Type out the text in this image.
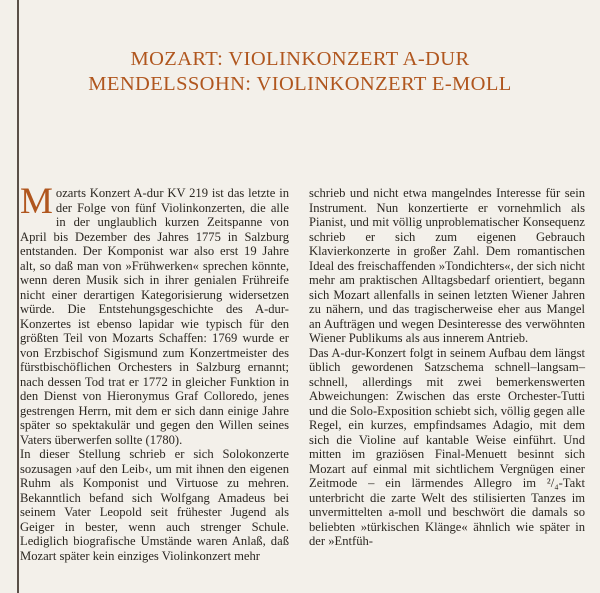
MOZART: VIOLINKONZERT A-DUR
MENDELSSOHN: VIOLINKONZERT E-MOLL

Mozarts Konzert A-dur KV 219 ist das letzte in der Folge von fünf Violinkonzerten, die alle in der unglaublich kurzen Zeitspanne von April bis Dezember des Jahres 1775 in Salzburg entstanden. Der Komponist war also erst 19 Jahre alt, so daß man von »Frühwerken« sprechen könnte, wenn deren Musik sich in ihrer genialen Frühreife nicht einer derartigen Kategorisierung widersetzen würde. Die Entstehungsgeschichte des A-dur-Konzertes ist ebenso lapidar wie typisch für den größten Teil von Mozarts Schaffen: 1769 wurde er von Erzbischof Sigismund zum Konzertmeister des fürstbischöflichen Orchesters in Salzburg ernannt; nach dessen Tod trat er 1772 in gleicher Funktion in den Dienst von Hieronymus Graf Colloredo, jenes gestrengen Herrn, mit dem er sich dann einige Jahre später so spektakulär und gegen den Willen seines Vaters überwerfen sollte (1780).

In dieser Stellung schrieb er sich Solokonzerte sozusagen ›auf den Leib‹, um mit ihnen den eigenen Ruhm als Komponist und Virtuose zu mehren. Bekanntlich befand sich Wolfgang Amadeus bei seinem Vater Leopold seit frühester Jugend als Geiger in bester, wenn auch strenger Schule. Lediglich biografische Umstände waren Anlaß, daß Mozart später kein einziges Violinkonzert mehr

schrieb und nicht etwa mangelndes Interesse für sein Instrument. Nun konzertierte er vornehmlich als Pianist, und mit völlig unproblematischer Konsequenz schrieb er sich zum eigenen Gebrauch Klavierkonzerte in großer Zahl. Dem romantischen Ideal des freischaffenden »Tondichters«, der sich nicht mehr am praktischen Alltagsbedarf orientiert, begann sich Mozart allenfalls in seinen letzten Wiener Jahren zu nähern, und das tragischerweise eher aus Mangel an Aufträgen und wegen Desinteresse des verwöhnten Wiener Publikums als aus innerem Antrieb.

Das A-dur-Konzert folgt in seinem Aufbau dem längst üblich gewordenen Satzschema schnell–langsam–schnell, allerdings mit zwei bemerkenswerten Abweichungen: Zwischen das erste Orchester-Tutti und die Solo-Exposition schiebt sich, völlig gegen alle Regel, ein kurzes, empfindsames Adagio, mit dem sich die Violine auf kantable Weise einführt. Und mitten im graziösen Final-Menuett besinnt sich Mozart auf einmal mit sichtlichem Vergnügen einer Zeitmode – ein lärmendes Allegro im ²/₄-Takt unterbricht die zarte Welt des stilisierten Tanzes im unvermittelten a-moll und beschwört die damals so beliebten »türkischen Klänge« ähnlich wie später in der »Entfüh-
